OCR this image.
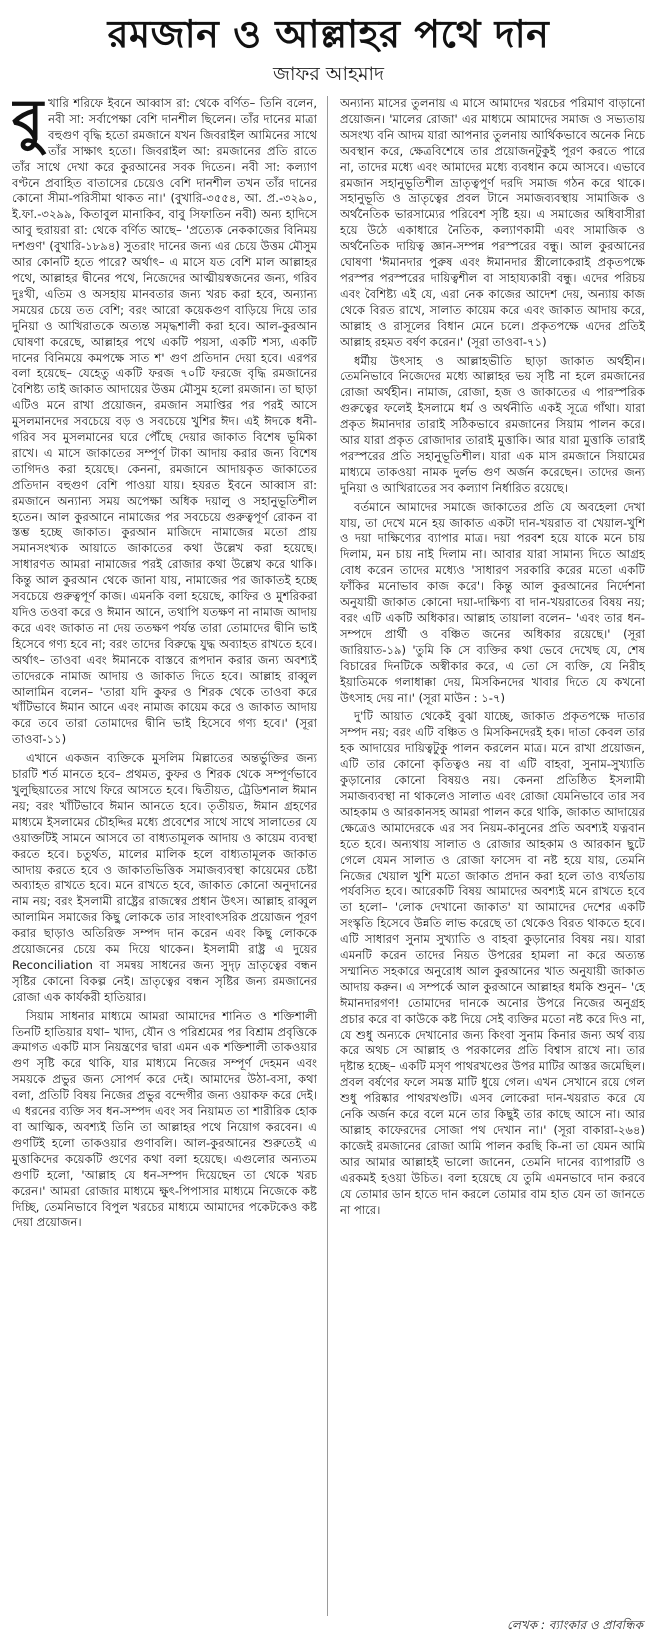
রমজান ও আল্লাহর পথে দান
জাফর আহমাদ

বুখারি শরিফে ইবনে আব্বাস রা: থেকে বর্ণিত– তিনি বলেন, নবী সা: সর্বাপেক্ষা বেশি দানশীল ছিলেন। তাঁর দানের মাত্রা বহুগুণ বৃদ্ধি হতো রমজানে যখন জিবরাইল আমিনের সাথে তাঁর সাক্ষাৎ হতো। জিবরাইল আ: রমজানের প্রতি রাতে তাঁর সাথে দেখা করে কুরআনের সবক দিতেন। নবী সা: কল্যাণ বণ্টনে প্রবাহিত বাতাসের চেয়েও বেশি দানশীল তখন তাঁর দানের কোনো সীমা-পরিসীমা থাকত না।' (বুখারি-৩৫৫৪, আ. প্র.-৩২৯০, ই.ফা.-৩২৯৯, কিতাবুল মানাকিব, বাবু সিফাতিন নবী) অন্য হাদিসে আবু হুরায়রা রা: থেকে বর্ণিত আছে– 'প্রত্যেক নেককাজের বিনিময় দশগুণ' (বুখারি-১৮৯৪) সুতরাং দানের জন্য এর চেয়ে উত্তম মৌসুম আর কোনটি হতে পারে? অর্থাৎ– এ মাসে যত বেশি মাল আল্লাহর পথে, আল্লাহর দ্বীনের পথে, নিজেদের আত্মীয়স্বজনের জন্য, গরিব দুঃখী, এতিম ও অসহায় মানবতার জন্য খরচ করা হবে, অন্যান্য সময়ের চেয়ে তত বেশি; বরং আরো কয়েকগুণ বাড়িয়ে দিয়ে তার দুনিয়া ও আখিরাতকে অত্যন্ত সমৃদ্ধশালী করা হবে। আল-কুরআন ঘোষণা করেছে, আল্লাহর পথে একটি পয়সা, একটি শস্য, একটি দানের বিনিময়ে কমপক্ষে সাত শ' গুণ প্রতিদান দেয়া হবে। এরপর বলা হয়েছে– যেহেতু একটি ফরজ ৭০টি ফরজে বৃদ্ধি রমজানের বৈশিষ্ট্য তাই জাকাত আদায়ের উত্তম মৌসুম হলো রমজান। তা ছাড়া এটিও মনে রাখা প্রয়োজন, রমজান সমাপ্তির পর পরই আসে মুসলমানদের সবচেয়ে বড় ও সবচেয়ে খুশির ঈদ। এই ঈদকে ধনী-গরিব সব মুসলমানের ঘরে পৌঁছে দেয়ার জাকাত বিশেষ ভূমিকা রাখে। এ মাসে জাকাতের সম্পূর্ণ টাকা আদায় করার জন্য বিশেষ তাগিদও করা হয়েছে। কেননা, রমজানে আদায়কৃত জাকাতের প্রতিদান বহুগুণ বেশি পাওয়া যায়। হযরত ইবনে আব্বাস রা: রমজানে অন্যান্য সময় অপেক্ষা অধিক দয়ালু ও সহানুভূতিশীল হতেন। আল কুরআনে নামাজের পর সবচেয়ে গুরুত্বপূর্ণ রোকন বা স্তম্ভ হচ্ছে জাকাত। কুরআন মাজিদে নামাজের মতো প্রায় সমানসংখ্যক আয়াতে জাকাতের কথা উল্লেখ করা হয়েছে। সাধারণত আমরা নামাজের পরই রোজার কথা উল্লেখ করে থাকি। কিন্তু আল কুরআন থেকে জানা যায়, নামাজের পর জাকাতই হচ্ছে সবচেয়ে গুরুত্বপূর্ণ কাজ। এমনকি বলা হয়েছে, কাফির ও মুশরিকরা যদিও তওবা করে ও ঈমান আনে, তথাপি যতক্ষণ না নামাজ আদায় করে এবং জাকাত না দেয় ততক্ষণ পর্যন্ত তারা তোমাদের দ্বীনি ভাই হিসেবে গণ্য হবে না; বরং তাদের বিরুদ্ধে যুদ্ধ অব্যাহত রাখতে হবে। অর্থাৎ– তাওবা এবং ঈমানকে বাস্তবে রূপদান করার জন্য অবশ্যই তাদেরকে নামাজ আদায় ও জাকাত দিতে হবে। আল্লাহ রাব্বুল আলামিন বলেন– 'তারা যদি কুফর ও শিরক থেকে তাওবা করে খাঁটিভাবে ঈমান আনে এবং নামাজ কায়েম করে ও জাকাত আদায় করে তবে তারা তোমাদের দ্বীনি ভাই হিসেবে গণ্য হবে।' (সূরা তাওবা-১১)

এখানে একজন ব্যক্তিকে মুসলিম মিল্লাতের অন্তর্ভুক্তির জন্য চারটি শর্ত মানতে হবে– প্রথমত, কুফর ও শিরক থেকে সম্পূর্ণভাবে খুলুছিয়াতের সাথে ফিরে আসতে হবে। দ্বিতীয়ত, ট্রেডিশনাল ঈমান নয়; বরং খাঁটিভাবে ঈমান আনতে হবে। তৃতীয়ত, ঈমান গ্রহণের মাধ্যমে ইসলামের চৌহদ্দির মধ্যে প্রবেশের সাথে সাথে সালাতের যে ওয়াক্তটিই সামনে আসবে তা বাধ্যতামূলক আদায় ও কায়েম ব্যবস্থা করতে হবে। চতুর্থত, মালের মালিক হলে বাধ্যতামূলক জাকাত আদায় করতে হবে ও জাকাতভিত্তিক সমাজব্যবস্থা কায়েমের চেষ্টা অব্যাহত রাখতে হবে। মনে রাখতে হবে, জাকাত কোনো অনুদানের নাম নয়; বরং ইসলামী রাষ্ট্রের রাজস্বের প্রধান উৎস। আল্লাহ রাব্বুল আলামিন সমাজের কিছু লোককে তার সাংবাৎসরিক প্রয়োজন পূরণ করার ছাড়াও অতিরিক্ত সম্পদ দান করেন এবং কিছু লোককে প্রয়োজনের চেয়ে কম দিয়ে থাকেন। ইসলামী রাষ্ট্র এ দুয়ের Reconciliation বা সমন্বয় সাধনের জন্য সুদৃঢ় ভ্রাতৃত্বের বন্ধন সৃষ্টির কোনো বিকল্প নেই। ভ্রাতৃত্বের বন্ধন সৃষ্টির জন্য রমজানের রোজা এক কার্যকরী হাতিয়ার।

সিয়াম সাধনার মাধ্যমে আমরা আমাদের শানিত ও শক্তিশালী তিনটি হাতিয়ার যথা– খাদ্য, যৌন ও পরিশ্রমের পর বিশ্রাম প্রবৃত্তিকে ক্রমাগত একটি মাস নিয়ন্ত্রণের দ্বারা এমন এক শক্তিশালী তাকওয়ার গুণ সৃষ্টি করে থাকি, যার মাধ্যমে নিজের সম্পূর্ণ দেহমন এবং সময়কে প্রভুর জন্য সোপর্দ করে দেই। আমাদের উঠা-বসা, কথা বলা, প্রতিটি বিষয় নিজের প্রভুর বন্দেগীর জন্য ওয়াকফ করে দেই। এ ধরনের ব্যক্তি সব ধন-সম্পদ এবং সব নিয়ামত তা শারীরিক হোক বা আত্মিক, অবশ্যই তিনি তা আল্লাহর পথে নিয়োগ করবেন। এ গুণটিই হলো তাকওয়ার গুণাবলি। আল-কুরআনের শুরুতেই এ মুত্তাকিদের কয়েকটি গুণের কথা বলা হয়েছে। এগুলোর অন্যতম গুণটি হলো, 'আল্লাহ যে ধন-সম্পদ দিয়েছেন তা থেকে খরচ করেন।' আমরা রোজার মাধ্যমে ক্ষুৎ-পিপাসার মাধ্যমে নিজেকে কষ্ট দিচ্ছি, তেমনিভাবে বিপুল খরচের মাধ্যমে আমাদের পকেটকেও কষ্ট দেয়া প্রয়োজন।

অন্যান্য মাসের তুলনায় এ মাসে আমাদের খরচের পরিমাণ বাড়ানো প্রয়োজন। 'মালের রোজা' এর মাধ্যমে আমাদের সমাজ ও সভ্যতায় অসংখ্য বনি আদম যারা আপনার তুলনায় আর্থিকভাবে অনেক নিচে অবস্থান করে, ক্ষেত্রবিশেষে তার প্রয়োজনটুকুই পূরণ করতে পারে না, তাদের মধ্যে এবং আমাদের মধ্যে ব্যবধান কমে আসবে। এভাবে রমজান সহানুভূতিশীল ভ্রাতৃত্বপূর্ণ দরদি সমাজ গঠন করে থাকে। সহানুভূতি ও ভ্রাতৃত্বের প্রবল টানে সমাজব্যবস্থায় সামাজিক ও অর্থনৈতিক ভারসাম্যের পরিবেশ সৃষ্টি হয়। এ সমাজের অধিবাসীরা হয়ে উঠে একাধারে নৈতিক, কল্যাণকামী এবং সামাজিক ও অর্থনৈতিক দায়িত্ব জ্ঞান-সম্পন্ন পরস্পরের বন্ধু। আল কুরআনের ঘোষণা 'ঈমানদার পুরুষ এবং ঈমানদার স্ত্রীলোকেরাই প্রকৃতপক্ষে পরস্পর পরস্পরের দায়িত্বশীল বা সাহায্যকারী বন্ধু। এদের পরিচয় এবং বৈশিষ্ট্য এই যে, এরা নেক কাজের আদেশ দেয়, অন্যায় কাজ থেকে বিরত রাখে, সালাত কায়েম করে এবং জাকাত আদায় করে, আল্লাহ ও রাসূলের বিধান মেনে চলে। প্রকৃতপক্ষে এদের প্রতিই আল্লাহ রহমত বর্ষণ করেন।' (সূরা তাওবা-৭১)

ধর্মীয় উৎসাহ ও আল্লাহভীতি ছাড়া জাকাত অর্থহীন। তেমনিভাবে নিজেদের মধ্যে আল্লাহর ভয় সৃষ্টি না হলে রমজানের রোজা অর্থহীন। নামাজ, রোজা, হজ ও জাকাতের এ পারস্পরিক গুরুত্বের ফলেই ইসলামে ধর্ম ও অর্থনীতি একই সূত্রে গাঁথা। যারা প্রকৃত ঈমানদার তারাই সঠিকভাবে রমজানের সিয়াম পালন করে। আর যারা প্রকৃত রোজাদার তারাই মুত্তাকি। আর যারা মুত্তাকি তারাই পরস্পরের প্রতি সহানুভূতিশীল। যারা এক মাস রমজানে সিয়ামের মাধ্যমে তাকওয়া নামক দুর্লভ গুণ অর্জন করেছেন। তাদের জন্য দুনিয়া ও আখিরাতের সব কল্যাণ নির্ধারিত রয়েছে।

বর্তমানে আমাদের সমাজে জাকাতের প্রতি যে অবহেলা দেখা যায়, তা দেখে মনে হয় জাকাত একটা দান-খয়রাত বা খেয়াল-খুশি ও দয়া দাক্ষিণ্যের ব্যাপার মাত্র। দয়া পরবশ হয়ে যাকে মনে চায় দিলাম, মন চায় নাই দিলাম না। আবার যারা সামান্য দিতে আগ্রহ বোধ করেন তাদের মধ্যেও 'সাধারণ সরকারি করের মতো একটি ফাঁকির মনোভাব কাজ করে'। কিন্তু আল কুরআনের নির্দেশনা অনুযায়ী জাকাত কোনো দয়া-দাক্ষিণ্য বা দান-খয়রাতের বিষয় নয়; বরং এটি একটি অধিকার। আল্লাহ তায়ালা বলেন– 'এবং তার ধন-সম্পদে প্রার্থী ও বঞ্চিত জনের অধিকার রয়েছে।' (সূরা জারিয়াত-১৯) 'তুমি কি সে ব্যক্তির কথা ভেবে দেখেছ যে, শেষ বিচারের দিনটিকে অস্বীকার করে, এ তো সে ব্যক্তি, যে নিরীহ ইয়াতিমকে গলাধাক্কা দেয়, মিসকিনদের খাবার দিতে যে কখনো উৎসাহ দেয় না।' (সূরা মাউন : ১-৭)

দু'টি আয়াত থেকেই বুঝা যাচ্ছে, জাকাত প্রকৃতপক্ষে দাতার সম্পদ নয়; বরং এটি বঞ্চিত ও মিসকিনদেরই হক। দাতা কেবল তার হক আদায়ের দায়িত্বটুকু পালন করলেন মাত্র। মনে রাখা প্রয়োজন, এটি তার কোনো কৃতিত্বও নয় বা এটি বাহবা, সুনাম-সুখ্যাতি কুড়ানোর কোনো বিষয়ও নয়। কেননা প্রতিষ্ঠিত ইসলামী সমাজব্যবস্থা না থাকলেও সালাত এবং রোজা যেমনিভাবে তার সব আহকাম ও আরকানসহ আমরা পালন করে থাকি, জাকাত আদায়ের ক্ষেত্রেও আমাদেরকে এর সব নিয়ম-কানুনের প্রতি অবশ্যই যত্নবান হতে হবে। অন্যথায় সালাত ও রোজার আহকাম ও আরকান ছুটে গেলে যেমন সালাত ও রোজা ফাসেদ বা নষ্ট হয়ে যায়, তেমনি নিজের খেয়াল খুশি মতো জাকাত প্রদান করা হলে তাও ব্যর্থতায় পর্যবসিত হবে। আরেকটি বিষয় আমাদের অবশ্যই মনে রাখতে হবে তা হলো– 'লোক দেখানো জাকাত' যা আমাদের দেশের একটি সংস্কৃতি হিসেবে উন্নতি লাভ করেছে তা থেকেও বিরত থাকতে হবে। এটি সাধারণ সুনাম সুখ্যাতি ও বাহবা কুড়ানোর বিষয় নয়। যারা এমনটি করেন তাদের নিয়ত উপরের হামলা না করে অত্যন্ত সম্মানিত সহকারে অনুরোধ আল কুরআনের খাত অনুযায়ী জাকাত আদায় করুন। এ সম্পর্কে আল কুরআনে আল্লাহর ধমকি শুনুন– 'হে ঈমানদারগণ! তোমাদের দানকে অনোর উপরে নিজের অনুগ্রহ প্রচার করে বা কাউকে কষ্ট দিয়ে সেই ব্যক্তির মতো নষ্ট করে দিও না, যে শুধু অন্যকে দেখানোর জন্য কিংবা সুনাম কিনার জন্য অর্থ ব্যয় করে অথচ সে আল্লাহ ও পরকালের প্রতি বিশ্বাস রাখে না। তার দৃষ্টান্ত হচ্ছে– একটি মসৃণ পাথরখণ্ডের উপর মাটির আস্তর জমেছিল। প্রবল বর্ষণের ফলে সমস্ত মাটি ধুয়ে গেল। এখন সেখানে রয়ে গেল শুধু পরিষ্কার পাথরখণ্ডটি। এসব লোকেরা দান-খয়রাত করে যে নেকি অর্জন করে বলে মনে তার কিছুই তার কাছে আসে না। আর আল্লাহ কাফেরদের সোজা পথ দেখান না।' (সূরা বাকারা-২৬৪) কাজেই রমজানের রোজা আমি পালন করছি কি-না তা যেমন আমি আর আমার আল্লাহই ভালো জানেন, তেমনি দানের ব্যাপারটি ও এরকমই হওয়া উচিত। বলা হয়েছে যে তুমি এমনভাবে দান করবে যে তোমার ডান হাতে দান করলে তোমার বাম হাত যেন তা জানতে না পারে।

লেখক : ব্যাংকার ও প্রাবন্ধিক
